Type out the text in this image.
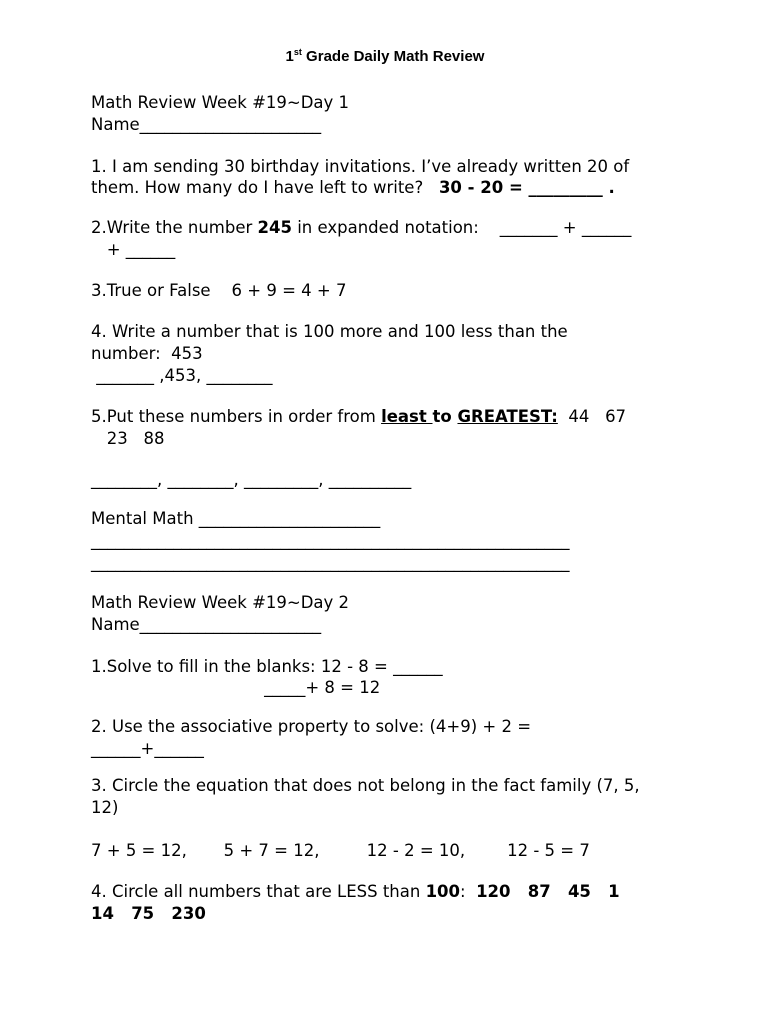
1st Grade Daily Math Review
Math Review Week #19~Day 1
Name______________________
1. I am sending 30 birthday invitations. I’ve already written 20 of
them. How many do I have left to write?   30 - 20 = _________ .
2.Write the number 245 in expanded notation:    _______ + ______
+ ______
3.True or False    6 + 9 = 4 + 7
4. Write a number that is 100 more and 100 less than the
number:  453
_______ ,453, ________
5.Put these numbers in order from least to GREATEST:  44   67
23   88
________, ________, _________, __________
Mental Math ______________________
__________________________________________________________
__________________________________________________________
Math Review Week #19~Day 2
Name______________________
1.Solve to fill in the blanks: 12 - 8 = ______
_____+ 8 = 12
2. Use the associative property to solve: (4+9) + 2 =
______+______
3. Circle the equation that does not belong in the fact family (7, 5,
12)
7 + 5 = 12,       5 + 7 = 12,         12 - 2 = 10,        12 - 5 = 7
4. Circle all numbers that are LESS than 100:  120   87   45   1
14   75   230
